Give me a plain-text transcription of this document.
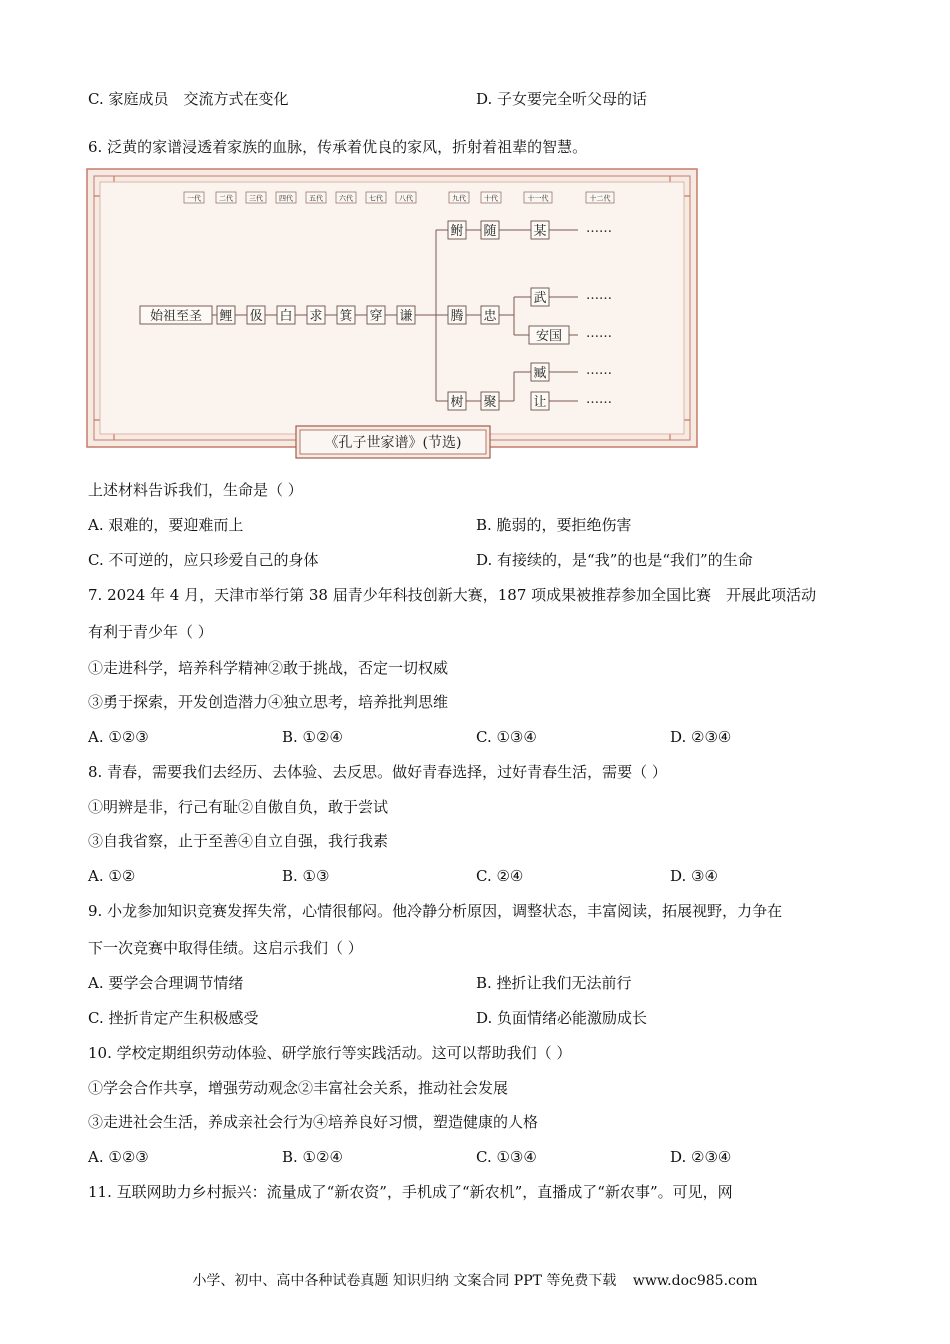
C. 家庭成员　交流方式在变化	D. 子女要完全听父母的话
6. 泛黄的家谱浸透着家族的血脉，传承着优良的家风，折射着祖辈的智慧。
一代	二代 三代 四代 五代 六代 七代 八代	九代	十代	十一代	十二代
始祖至圣 鲤 伋 白 求 箕 穿 谦
鲋 随	某
腾 忠
武
安国
树 聚
臧
让
……
……
……
……
……
《孔子世家谱》(节选)
上述材料告诉我们，生命是（ ）
A. 艰难的，要迎难而上	B. 脆弱的，要拒绝伤害
C. 不可逆的，应只珍爱自己的身体	D. 有接续的，是“我”的也是“我们”的生命
7. 2024 年 4 月，天津市举行第 38 届青少年科技创新大赛，187 项成果被推荐参加全国比赛　开展此项活动
有利于青少年（ ）
①走进科学，培养科学精神②敢于挑战，否定一切权威
③勇于探索，开发创造潜力④独立思考，培养批判思维
A. ①②③	B. ①②④	C. ①③④	D. ②③④
8. 青春，需要我们去经历、去体验、去反思。做好青春选择，过好青春生活，需要（ ）
①明辨是非，行己有耻②自傲自负，敢于尝试
③自我省察，止于至善④自立自强，我行我素
A. ①②	B. ①③	C. ②④	D. ③④
9. 小龙参加知识竞赛发挥失常，心情很郁闷。他冷静分析原因，调整状态，丰富阅读，拓展视野，力争在
下一次竞赛中取得佳绩。这启示我们（ ）
A. 要学会合理调节情绪	B. 挫折让我们无法前行
C. 挫折肯定产生积极感受	D. 负面情绪必能激励成长
10. 学校定期组织劳动体验、研学旅行等实践活动。这可以帮助我们（ ）
①学会合作共享，增强劳动观念②丰富社会关系，推动社会发展
③走进社会生活，养成亲社会行为④培养良好习惯，塑造健康的人格
A. ①②③	B. ①②④	C. ①③④	D. ②③④
11. 互联网助力乡村振兴：流量成了“新农资”，手机成了“新农机”，直播成了“新农事”。可见，网
小学、初中、高中各种试卷真题 知识归纳 文案合同 PPT 等免费下载 www.doc985.com
